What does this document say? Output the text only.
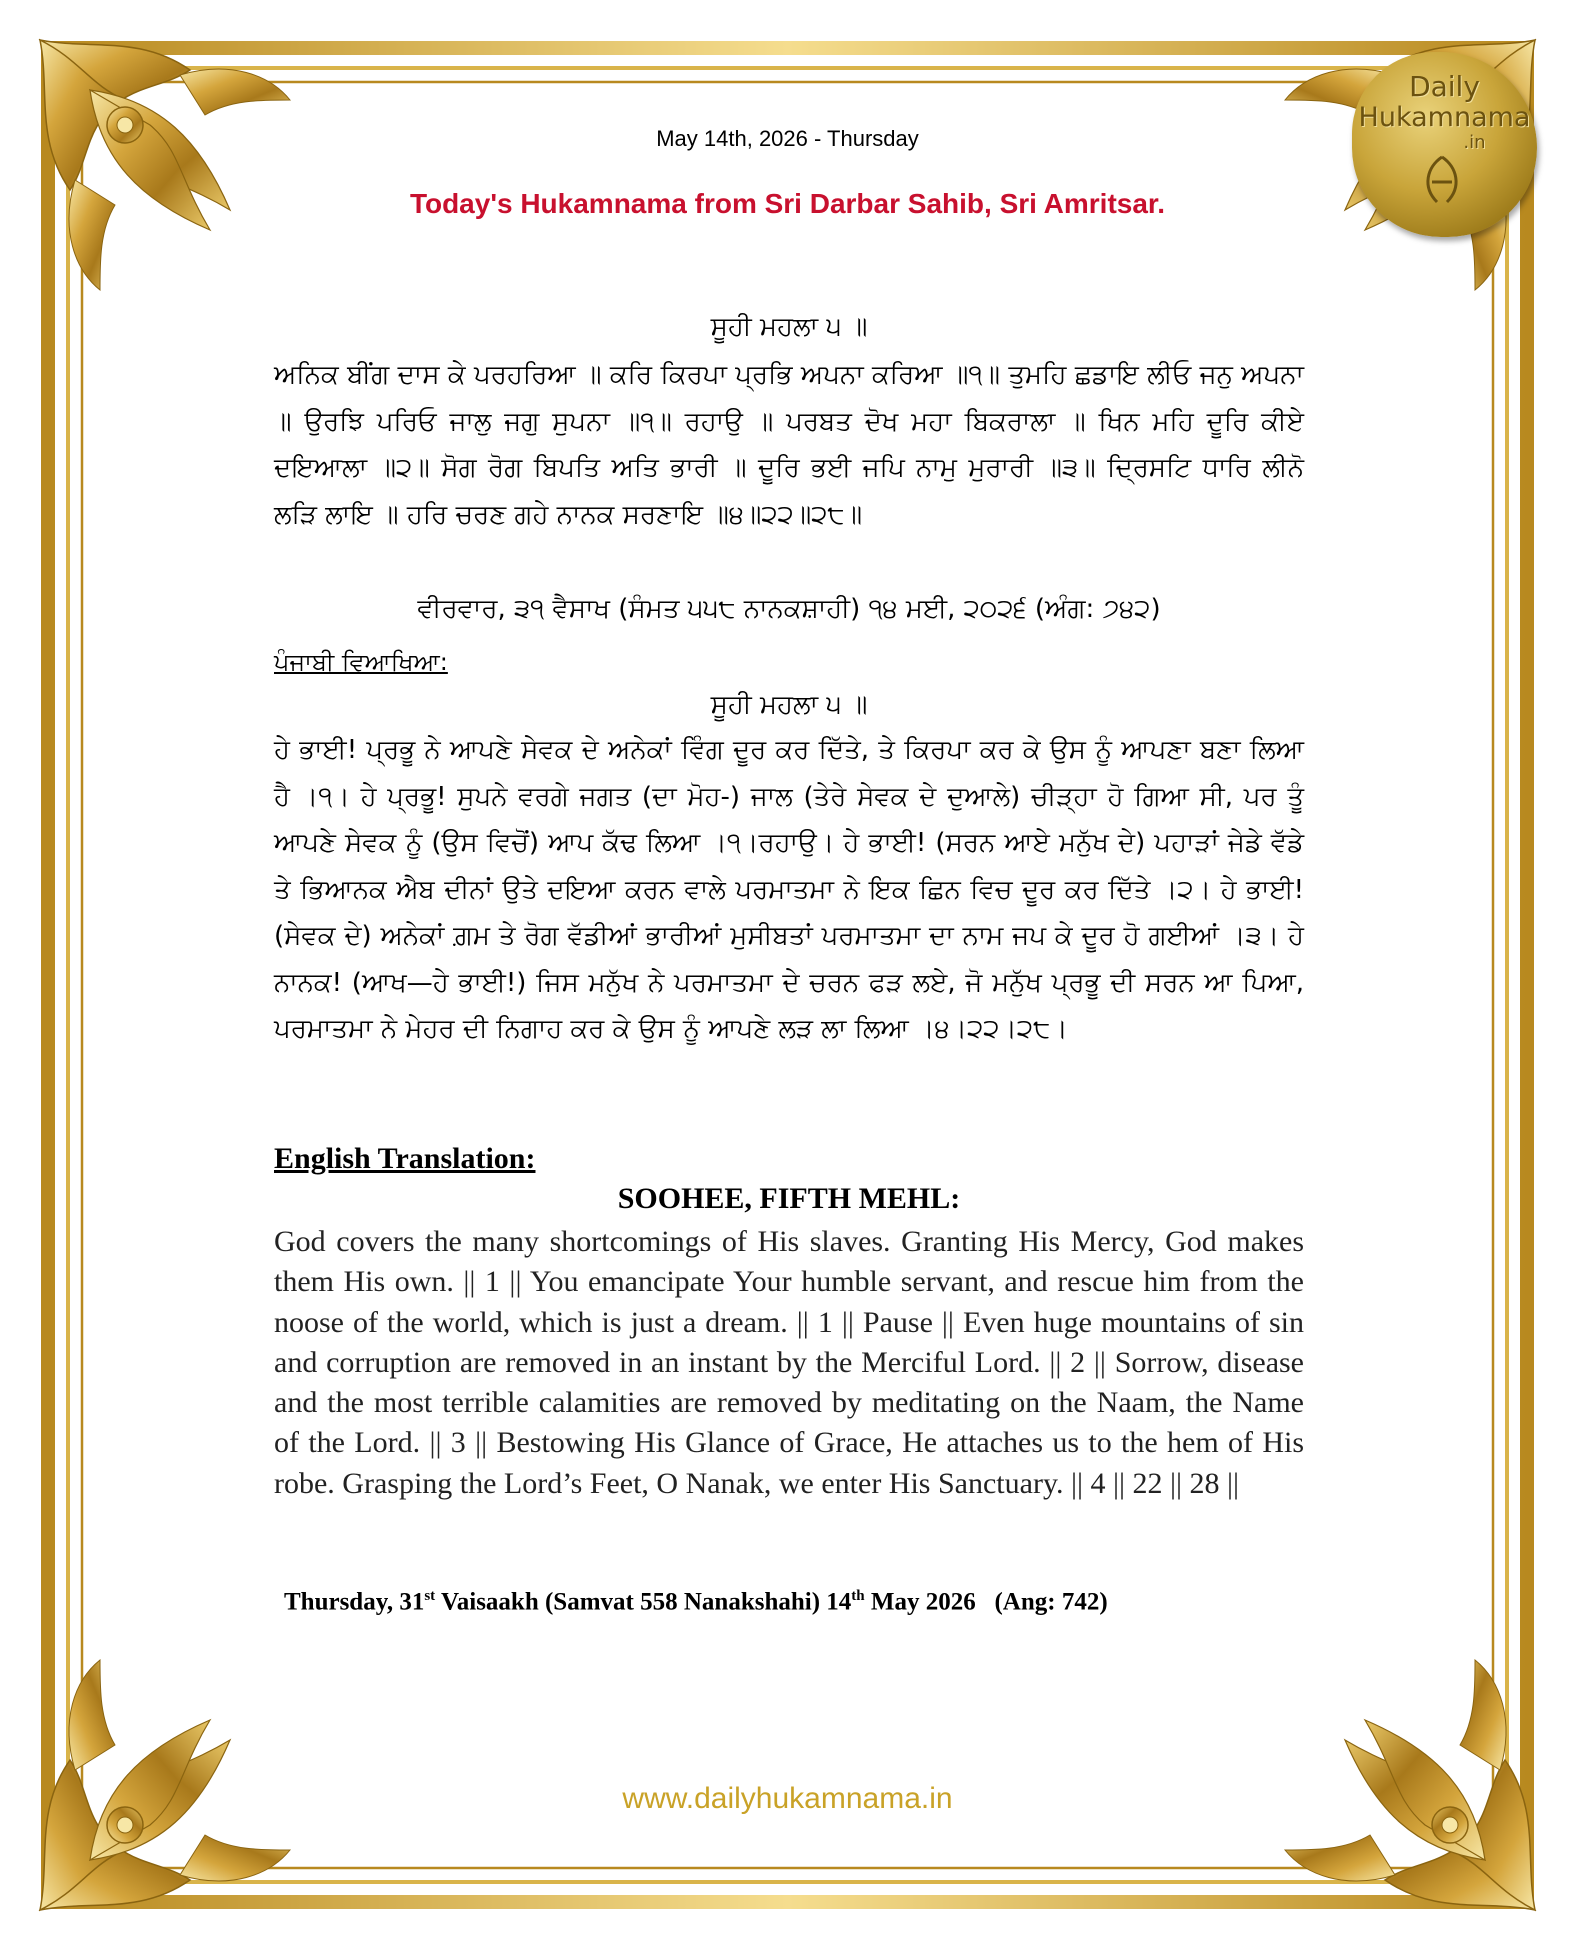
Daily
Hukamnama
.in
May 14th, 2026 - Thursday
Today's Hukamnama from Sri Darbar Sahib, Sri Amritsar.
ਸੂਹੀ ਮਹਲਾ ੫ ॥
ਅਨਿਕ ਬੀਂਗ ਦਾਸ ਕੇ ਪਰਹਰਿਆ ॥ ਕਰਿ ਕਿਰਪਾ ਪ੍ਰਭਿ ਅਪਨਾ ਕਰਿਆ ॥੧॥ ਤੁਮਹਿ ਛਡਾਇ ਲੀਓ ਜਨੁ ਅਪਨਾ ॥ ਉਰਝਿ ਪਰਿਓ ਜਾਲੁ ਜਗੁ ਸੁਪਨਾ ॥੧॥ ਰਹਾਉ ॥ ਪਰਬਤ ਦੋਖ ਮਹਾ ਬਿਕਰਾਲਾ ॥ ਖਿਨ ਮਹਿ ਦੂਰਿ ਕੀਏ ਦਇਆਲਾ ॥੨॥ ਸੋਗ ਰੋਗ ਬਿਪਤਿ ਅਤਿ ਭਾਰੀ ॥ ਦੂਰਿ ਭਈ ਜਪਿ ਨਾਮੁ ਮੁਰਾਰੀ ॥੩॥ ਦ੍ਰਿਸਟਿ ਧਾਰਿ ਲੀਨੋ ਲੜਿ ਲਾਇ ॥ ਹਰਿ ਚਰਣ ਗਹੇ ਨਾਨਕ ਸਰਣਾਇ ॥੪॥੨੨॥੨੮॥
ਵੀਰਵਾਰ, ੩੧ ਵੈਸਾਖ (ਸੰਮਤ ੫੫੮ ਨਾਨਕਸ਼ਾਹੀ) ੧੪ ਮਈ, ੨੦੨੬ (ਅੰਗ: ੭੪੨)
ਪੰਜਾਬੀ ਵਿਆਖਿਆ:
ਸੂਹੀ ਮਹਲਾ ੫ ॥
ਹੇ ਭਾਈ! ਪ੍ਰਭੂ ਨੇ ਆਪਣੇ ਸੇਵਕ ਦੇ ਅਨੇਕਾਂ ਵਿੰਗ ਦੂਰ ਕਰ ਦਿੱਤੇ, ਤੇ ਕਿਰਪਾ ਕਰ ਕੇ ਉਸ ਨੂੰ ਆਪਣਾ ਬਣਾ ਲਿਆ ਹੈ ।੧। ਹੇ ਪ੍ਰਭੂ! ਸੁਪਨੇ ਵਰਗੇ ਜਗਤ (ਦਾ ਮੋਹ-) ਜਾਲ (ਤੇਰੇ ਸੇਵਕ ਦੇ ਦੁਆਲੇ) ਚੀੜ੍ਹਾ ਹੋ ਗਿਆ ਸੀ, ਪਰ ਤੂੰ ਆਪਣੇ ਸੇਵਕ ਨੂੰ (ਉਸ ਵਿਚੋਂ) ਆਪ ਕੱਢ ਲਿਆ ।੧।ਰਹਾਉ। ਹੇ ਭਾਈ! (ਸਰਨ ਆਏ ਮਨੁੱਖ ਦੇ) ਪਹਾੜਾਂ ਜੇਡੇ ਵੱਡੇ ਤੇ ਭਿਆਨਕ ਐਬ ਦੀਨਾਂ ਉਤੇ ਦਇਆ ਕਰਨ ਵਾਲੇ ਪਰਮਾਤਮਾ ਨੇ ਇਕ ਛਿਨ ਵਿਚ ਦੂਰ ਕਰ ਦਿੱਤੇ ।੨। ਹੇ ਭਾਈ! (ਸੇਵਕ ਦੇ) ਅਨੇਕਾਂ ਗ਼ਮ ਤੇ ਰੋਗ ਵੱਡੀਆਂ ਭਾਰੀਆਂ ਮੁਸੀਬਤਾਂ ਪਰਮਾਤਮਾ ਦਾ ਨਾਮ ਜਪ ਕੇ ਦੂਰ ਹੋ ਗਈਆਂ ।੩। ਹੇ ਨਾਨਕ! (ਆਖ—ਹੇ ਭਾਈ!) ਜਿਸ ਮਨੁੱਖ ਨੇ ਪਰਮਾਤਮਾ ਦੇ ਚਰਨ ਫੜ ਲਏ, ਜੋ ਮਨੁੱਖ ਪ੍ਰਭੂ ਦੀ ਸਰਨ ਆ ਪਿਆ, ਪਰਮਾਤਮਾ ਨੇ ਮੇਹਰ ਦੀ ਨਿਗਾਹ ਕਰ ਕੇ ਉਸ ਨੂੰ ਆਪਣੇ ਲੜ ਲਾ ਲਿਆ ।੪।੨੨।੨੮।
English Translation:
SOOHEE, FIFTH MEHL:
God covers the many shortcomings of His slaves. Granting His Mercy, God makes them His own. || 1 || You emancipate Your humble servant, and rescue him from the noose of the world, which is just a dream. || 1 || Pause || Even huge mountains of sin and corruption are removed in an instant by the Merciful Lord. || 2 || Sorrow, disease and the most terrible calamities are removed by meditating on the Naam, the Name of the Lord. || 3 || Bestowing His Glance of Grace, He attaches us to the hem of His robe. Grasping the Lord’s Feet, O Nanak, we enter His Sanctuary. || 4 || 22 || 28 ||
Thursday, 31st Vaisaakh (Samvat 558 Nanakshahi) 14th May 2026   (Ang: 742)
www.dailyhukamnama.in
